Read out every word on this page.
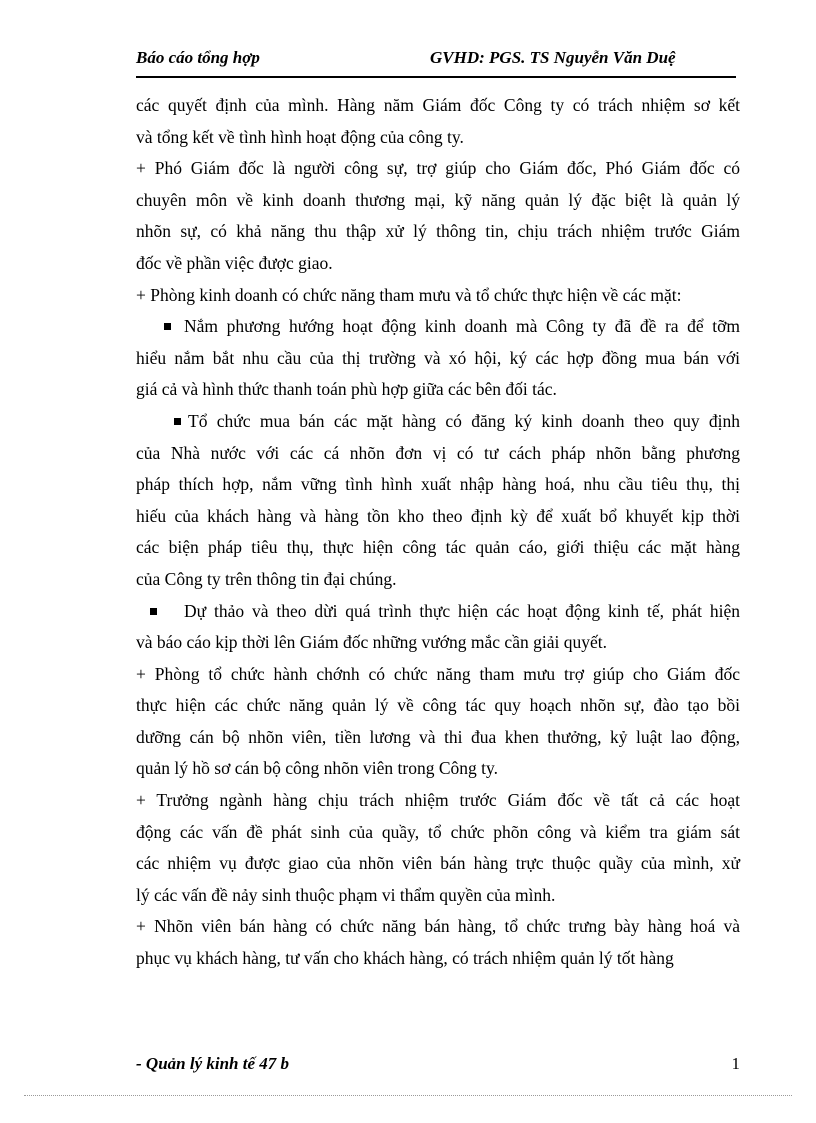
Báo cáo tổng hợp	GVHD: PGS. TS Nguyễn Văn Duệ
các quyết định của mình. Hàng năm Giám đốc Công ty có trách nhiệm sơ kết
và tổng kết về tình hình hoạt động của công ty.
+ Phó Giám đốc là người công sự, trợ giúp cho Giám đốc, Phó Giám đốc có
chuyên môn về kinh doanh thương mại, kỹ năng quản lý đặc biệt là quản lý
nhõn sự, có khả năng thu thập xử lý thông tin, chịu trách nhiệm trước Giám
đốc về phần việc được giao.
+ Phòng kinh doanh có chức năng tham mưu và tổ chức thực hiện về các mặt:
Nắm phương hướng hoạt động kinh doanh mà Công ty đã đề ra để tỡm
hiểu nắm bắt nhu cầu của thị trường và xó hội, ký các hợp đồng mua bán với
giá cả và hình thức thanh toán phù hợp giữa các bên đối tác.
Tổ chức mua bán các mặt hàng có đăng ký kinh doanh theo quy định
của Nhà nước với các cá nhõn đơn vị có tư cách pháp nhõn bằng phương
pháp thích hợp, nắm vững tình hình xuất nhập hàng hoá, nhu cầu tiêu thụ, thị
hiếu của khách hàng và hàng tồn kho theo định kỳ để xuất bổ khuyết kịp thời
các biện pháp tiêu thụ, thực hiện công tác quản cáo, giới thiệu các mặt hàng
của Công ty trên thông tin đại chúng.
Dự thảo và theo dừi quá trình thực hiện các hoạt động kinh tế, phát hiện
và báo cáo kịp thời lên Giám đốc những vướng mắc cần giải quyết.
+ Phòng tổ chức hành chớnh có chức năng tham mưu trợ giúp cho Giám đốc
thực hiện các chức năng quản lý về công tác quy hoạch nhõn sự, đào tạo bồi
dưỡng cán bộ nhõn viên, tiền lương và thi đua khen thưởng, kỷ luật lao động,
quản lý hồ sơ cán bộ công nhõn viên trong Công ty.
+ Trưởng ngành hàng chịu trách nhiệm trước Giám đốc về tất cả các hoạt
động các vấn đề phát sinh của quầy, tổ chức phõn công và kiểm tra giám sát
các nhiệm vụ được giao của nhõn viên bán hàng trực thuộc quầy của mình, xử
lý các vấn đề nảy sinh thuộc phạm vi thẩm quyền của mình.
+ Nhõn viên bán hàng có chức năng bán hàng, tổ chức trưng bày hàng hoá và
phục vụ khách hàng, tư vấn cho khách hàng, có trách nhiệm quản lý tốt hàng
- Quản lý kinh tế 47 b	1
